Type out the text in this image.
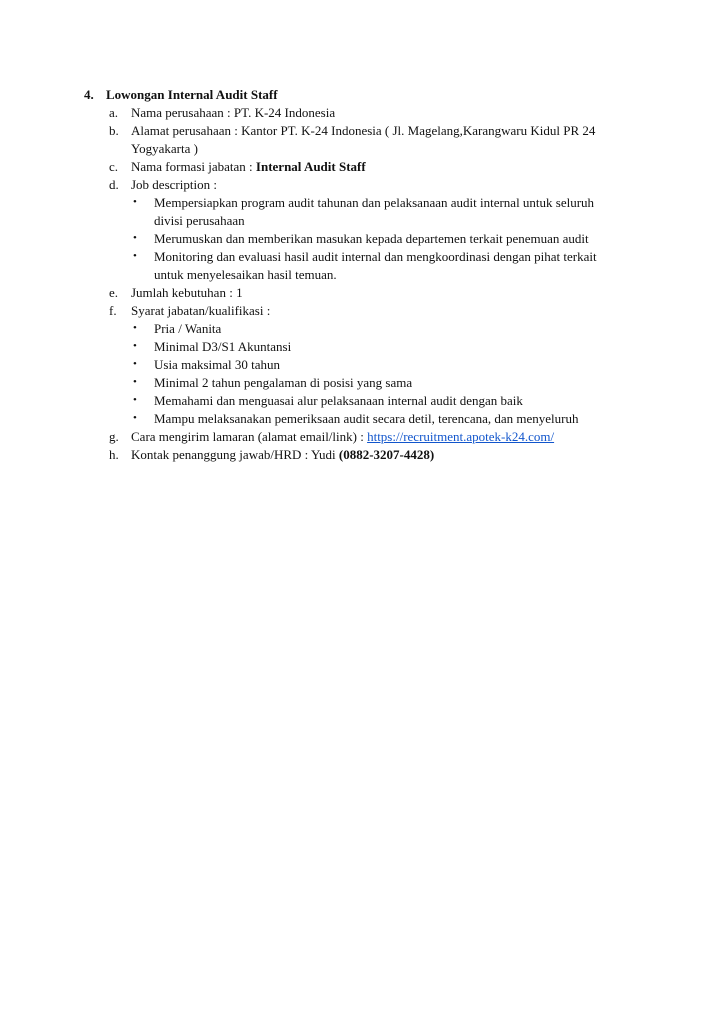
4. Lowongan Internal Audit Staff
a. Nama perusahaan : PT. K-24 Indonesia
b. Alamat perusahaan : Kantor PT. K-24 Indonesia ( Jl. Magelang,Karangwaru Kidul PR 24
Yogyakarta )
c. Nama formasi jabatan : Internal Audit Staff
d. Job description :
• Mempersiapkan program audit tahunan dan pelaksanaan audit internal untuk seluruh
divisi perusahaan
• Merumuskan dan memberikan masukan kepada departemen terkait penemuan audit
• Monitoring dan evaluasi hasil audit internal dan mengkoordinasi dengan pihat terkait
untuk menyelesaikan hasil temuan.
e. Jumlah kebutuhan : 1
f. Syarat jabatan/kualifikasi :
• Pria / Wanita
• Minimal D3/S1 Akuntansi
• Usia maksimal 30 tahun
• Minimal 2 tahun pengalaman di posisi yang sama
• Memahami dan menguasai alur pelaksanaan internal audit dengan baik
• Mampu melaksanakan pemeriksaan audit secara detil, terencana, dan menyeluruh
g. Cara mengirim lamaran (alamat email/link) : https://recruitment.apotek-k24.com/
h. Kontak penanggung jawab/HRD : Yudi (0882-3207-4428)
